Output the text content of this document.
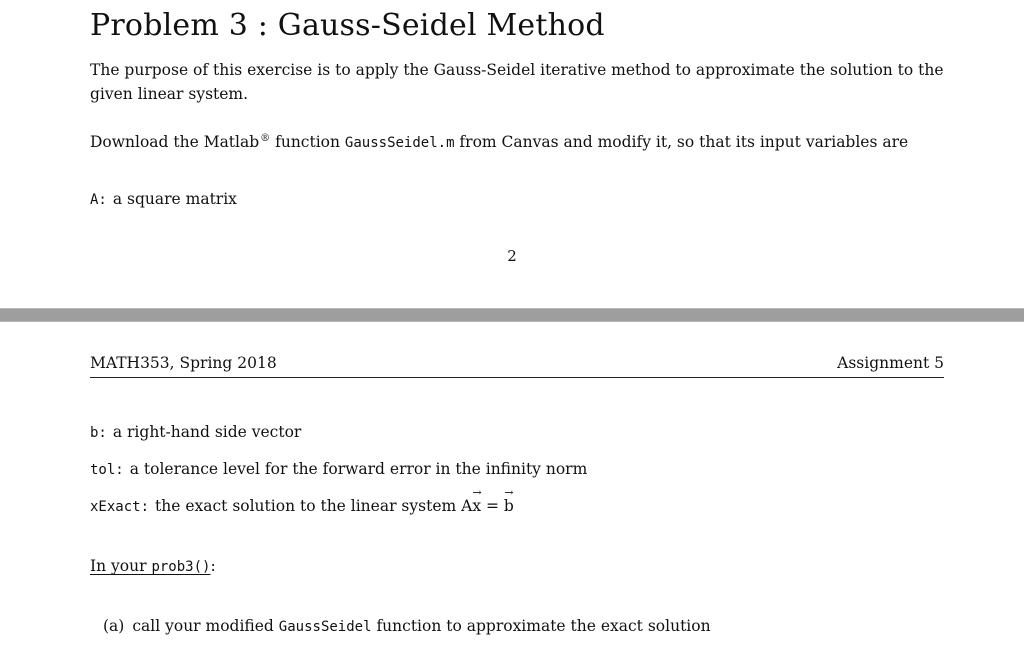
Problem 3 : Gauss-Seidel Method
The purpose of this exercise is to apply the Gauss-Seidel iterative method to approximate the solution to the given linear system.
Download the Matlab® function GaussSeidel.m from Canvas and modify it, so that its input variables are
A: a square matrix
2
MATH353, Spring 2018	Assignment 5
b: a right-hand side vector
tol: a tolerance level for the forward error in the infinity norm
xExact: the exact solution to the linear system A
→
x =
→
b
In your prob3():
(a) call your modified GaussSeidel function to approximate the exact solution
